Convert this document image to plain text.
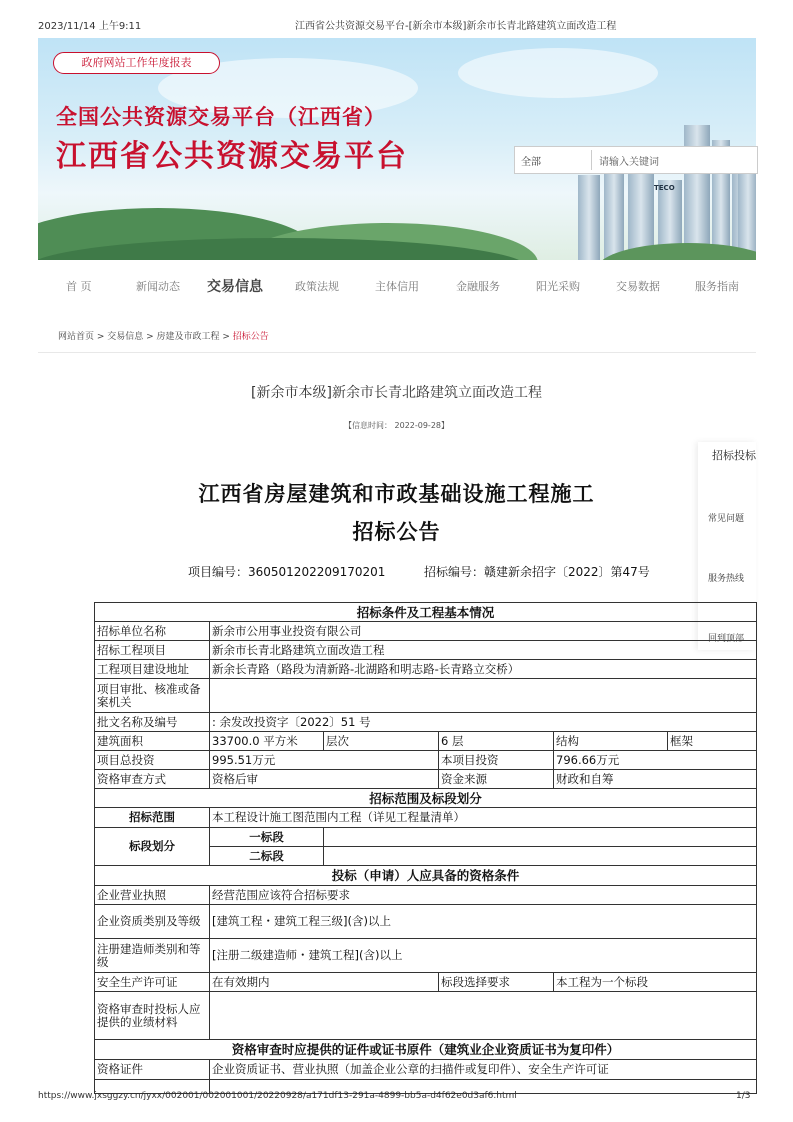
2023/11/14 上午9:11	江西省公共资源交易平台-[新余市本级]新余市长青北路建筑立面改造工程
TECO
政府网站工作年度报表
全国公共资源交易平台（江西省）
江西省公共资源交易平台	全部	请输入关键词
首 页	新闻动态 交易信息	政策法规	主体信用	金融服务	阳光采购	交易数据	服务指南
网站首页 > 交易信息 > 房建及市政工程 > 招标公告
[新余市本级]新余市长青北路建筑立面改造工程
【信息时间： 2022-09-28】
招标投标
常见问题
服务热线
回到顶部
江西省房屋建筑和市政基础设施工程施工
招标公告
项目编号：360501202209170201	招标编号：赣建新余招字〔2022〕第47号
招标条件及工程基本情况					
招标单位名称	新余市公用事业投资有限公司				
招标工程项目	新余市长青北路建筑立面改造工程				
工程项目建设地址	新余长青路（路段为清新路-北湖路和明志路-长青路立交桥）				
项目审批、核准或备案机关					
批文名称及编号	: 余发改投资字〔2022〕51 号				
建筑面积	33700.0 平方米	层次	6 层	结构	框架
项目总投资	995.51万元		本项目投资	796.66万元	
资格审查方式	资格后审		资金来源	财政和自筹	
招标范围及标段划分					
招标范围	本工程设计施工图范围内工程（详见工程量清单）				
标段划分	一标段				
	二标段				
投标（申请）人应具备的资格条件					
企业营业执照	经营范围应该符合招标要求				
企业资质类别及等级	[建筑工程・建筑工程三级](含)以上				
注册建造师类别和等级	[注册二级建造师・建筑工程](含)以上				
安全生产许可证	在有效期内		标段选择要求	本工程为一个标段	
资格审查时投标人应提供的业绩材料					
资格审查时应提供的证件或证书原件（建筑业企业资质证书为复印件）					
资格证件	企业资质证书、营业执照（加盖企业公章的扫描件或复印件）、安全生产许可证				

https://www.jxsggzy.cn/jyxx/002001/002001001/20220928/a171df13-291a-4899-bb5a-d4f62e0d3af6.html	1/3
